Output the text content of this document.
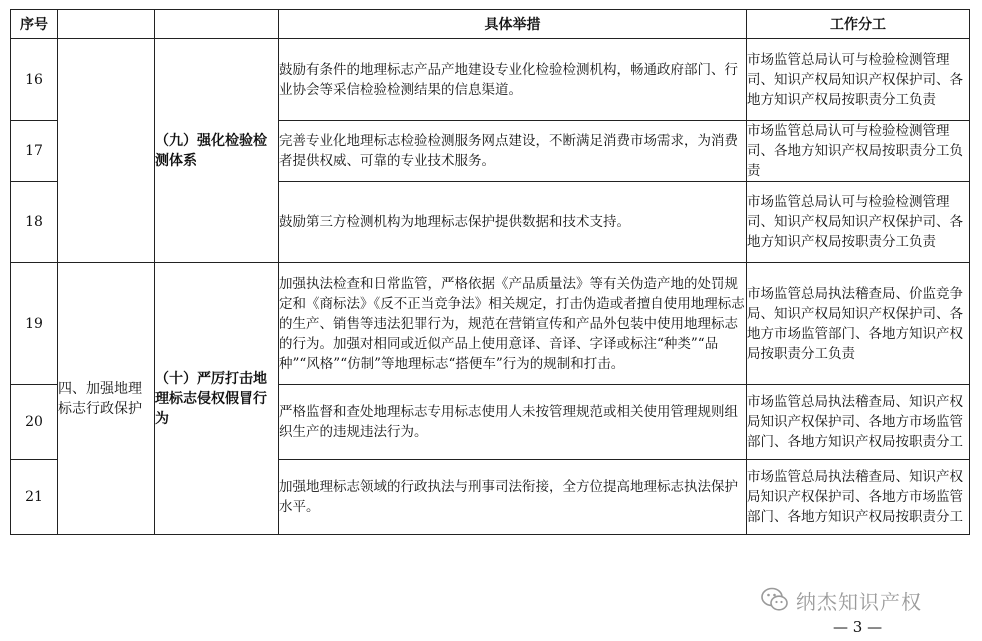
序号			具体举措	工作分工
16		（九）强化检验检测体系	鼓励有条件的地理标志产品产地建设专业化检验检测机构，畅通政府部门、行业协会等采信检验检测结果的信息渠道。	市场监管总局认可与检验检测管理司、知识产权局知识产权保护司、各地方知识产权局按职责分工负责
17			完善专业化地理标志检验检测服务网点建设，不断满足消费市场需求，为消费者提供权威、可靠的专业技术服务。	市场监管总局认可与检验检测管理司、各地方知识产权局按职责分工负责
18			鼓励第三方检测机构为地理标志保护提供数据和技术支持。	市场监管总局认可与检验检测管理司、知识产权局知识产权保护司、各地方知识产权局按职责分工负责
19	四、加强地理标志行政保护	（十）严厉打击地理标志侵权假冒行为	加强执法检查和日常监管，严格依据《产品质量法》等有关伪造产地的处罚规定和《商标法》《反不正当竞争法》相关规定，打击伪造或者擅自使用地理标志的生产、销售等违法犯罪行为，规范在营销宣传和产品外包装中使用地理标志的行为。加强对相同或近似产品上使用意译、音译、字译或标注“种类”“品种”“风格”“仿制”等地理标志“搭便车”行为的规制和打击。	市场监管总局执法稽查局、价监竞争局、知识产权局知识产权保护司、各地方市场监管部门、各地方知识产权局按职责分工负责
20			严格监督和查处地理标志专用标志使用人未按管理规范或相关使用管理规则组织生产的违规违法行为。	市场监管总局执法稽查局、知识产权局知识产权保护司、各地方市场监管部门、各地方知识产权局按职责分工
21			加强地理标志领域的行政执法与刑事司法衔接，全方位提高地理标志执法保护水平。	市场监管总局执法稽查局、知识产权局知识产权保护司、各地方市场监管部门、各地方知识产权局按职责分工
纳杰知识产权
— 3 —
